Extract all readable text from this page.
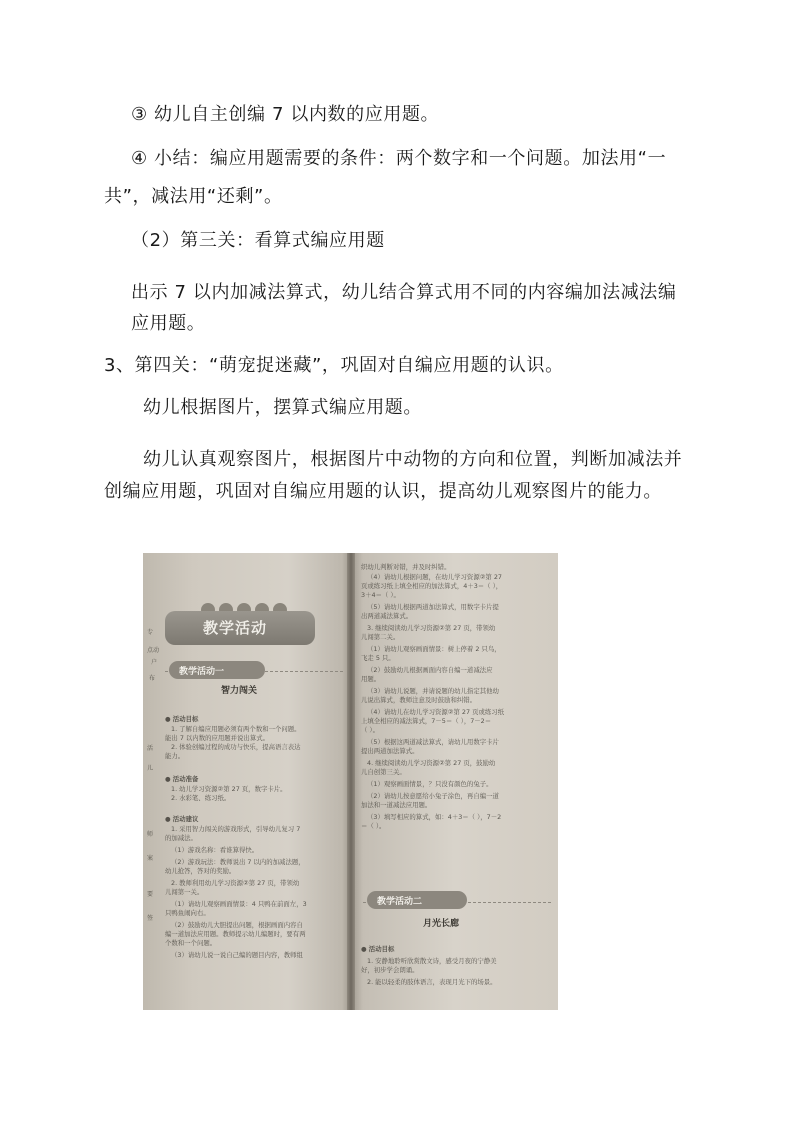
③ 幼儿自主创编 7 以内数的应用题。
④ 小结：编应用题需要的条件：两个数字和一个问题。加法用“一
共”，减法用“还剩”。
（2）第三关：看算式编应用题
出示 7 以内加减法算式，幼儿结合算式用不同的内容编加法减法编
应用题。
3、第四关：“萌宠捉迷藏”，巩固对自编应用题的认识。
幼儿根据图片，摆算式编应用题。
幼儿认真观察图片，根据图片中动物的方向和位置，判断加减法并
创编应用题，巩固对自编应用题的认识，提高幼儿观察图片的能力。
专
点动
户
布
活
儿
师
案
要
签
教学活动
教学活动一
智力闯关
● 活动目标
1. 了解自编应用题必须有两个数和一个问题。
能出 7 以内数的应用题并说出算式。
2. 体验创编过程的成功与快乐，提高语言表达
能力。
● 活动准备
1. 幼儿学习资源②第 27 页，数字卡片。
2. 水彩笔、练习纸。
● 活动建议
1. 采用智力闯关的游戏形式，引导幼儿复习 7
的加减法。
（1）游戏名称：看谁算得快。
（2）游戏玩法：教师说出 7 以内的加减法题，
幼儿抢答，答对的奖励。
2. 教师利用幼儿学习资源②第 27 页，带领幼
儿闯第一关。
（1）请幼儿观察画面情景：4 只鸭在前面左，3
只鸭鱼闹向右。
（2）鼓励幼儿大胆提出问题，根据画面内容自
编一道加法应用题。教师提示幼儿编题时，要有两
个数和一个问题。
（3）请幼儿说一说自己编的题目内容，教师组
织幼儿判断对错，并及时纠错。
（4）请幼儿根据问题，在幼儿学习资源②第 27
页或练习纸上填全相应的加法算式，4＋3＝（ ），
3＋4＝（ ）。
（5）请幼儿根据两道加法算式，用数字卡片提
出两道减法算式。
3. 继续阅读幼儿学习资源②第 27 页，带领幼
儿闯第二关。
（1）请幼儿观察画面情景：树上停着 2 只鸟，
飞走 5 只。
（2）鼓励幼儿根据画面内容自编一道减法应
用题。
（3）请幼儿说题，并请说题的幼儿指定其他幼
儿说出算式，教师注意及时鼓励和纠错。
（4）请幼儿在幼儿学习资源②第 27 页或练习纸
上填全相应的减法算式，7－5＝（ ），7－2＝
（ ）。
（5）根据这两道减法算式，请幼儿用数字卡片
提出两道加法算式。
4. 继续阅读幼儿学习资源②第 27 页，鼓励幼
儿自创第三关。
（1）观察画面情景，？只没有颜色的兔子。
（2）请幼儿按意愿给小兔子涂色，再自编一道
加法和一道减法应用题。
（3）填写相应的算式，如：4＋3＝（ ），7－2
＝（ ）。
教学活动二
月光长廊
● 活动目标
1. 安静地聆听欣赏散文诗，感受月夜的宁静美
好，初步学会朗诵。
2. 能以轻柔的肢体语言，表现月光下的场景。
